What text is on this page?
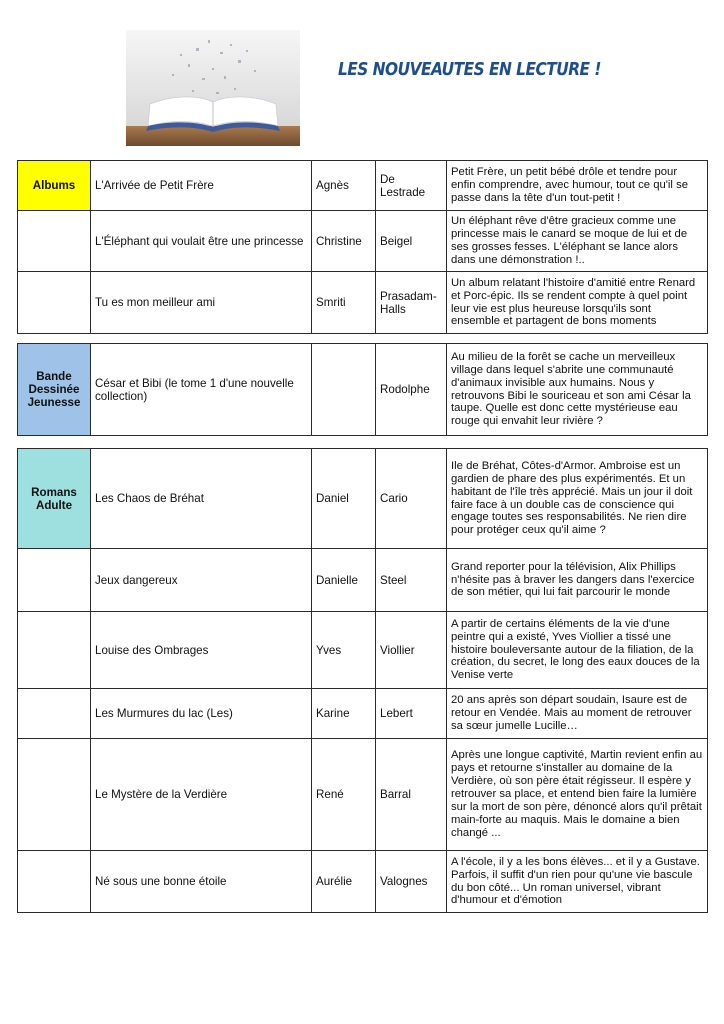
LES NOUVEAUTES EN LECTURE !
Albums	L'Arrivée de Petit Frère	Agnès	De Lestrade	Petit Frère, un petit bébé drôle et tendre pour enfin comprendre, avec humour, tout ce qu'il se passe dans la tête d'un tout-petit !
	L'Éléphant qui voulait être une princesse	Christine	Beigel	Un éléphant rêve d'être gracieux comme une princesse mais le canard se moque de lui et de ses grosses fesses. L'éléphant se lance alors dans une démonstration !..
	Tu es mon meilleur ami	Smriti	Prasadam-Halls	Un album relatant l'histoire d'amitié entre Renard et Porc-épic. Ils se rendent compte à quel point leur vie est plus heureuse lorsqu'ils sont ensemble et partagent de bons moments
Bande Dessinée Jeunesse	César et Bibi (le tome 1 d'une nouvelle collection)		Rodolphe	Au milieu de la forêt se cache un merveilleux village dans lequel s'abrite une communauté d'animaux invisible aux humains. Nous y retrouvons Bibi le souriceau et son ami César la taupe. Quelle est donc cette mystérieuse eau rouge qui envahit leur rivière ?
Romans Adulte	Les Chaos de Bréhat	Daniel	Cario	Ile de Bréhat, Côtes-d'Armor. Ambroise est un gardien de phare des plus expérimentés. Et un habitant de l'île très apprécié. Mais un jour il doit faire face à un double cas de conscience qui engage toutes ses responsabilités. Ne rien dire pour protéger ceux qu'il aime ?
	Jeux dangereux	Danielle	Steel	Grand reporter pour la télévision, Alix Phillips n'hésite pas à braver les dangers dans l'exercice de son métier, qui lui fait parcourir le monde
	Louise des Ombrages	Yves	Viollier	A partir de certains éléments de la vie d'une peintre qui a existé, Yves Viollier a tissé une histoire bouleversante autour de la filiation, de la création, du secret, le long des eaux douces de la Venise verte
	Les Murmures du lac (Les)	Karine	Lebert	20 ans après son départ soudain, Isaure est de retour en Vendée. Mais au moment de retrouver sa sœur jumelle Lucille…
	Le Mystère de la Verdière	René	Barral	Après une longue captivité, Martin revient enfin au pays et retourne s'installer au domaine de la Verdière, où son père était régisseur. Il espère y retrouver sa place, et entend bien faire la lumière sur la mort de son père, dénoncé alors qu'il prêtait main-forte au maquis. Mais le domaine a bien changé ...
	Né sous une bonne étoile	Aurélie	Valognes	A l'école, il y a les bons élèves... et il y a Gustave. Parfois, il suffit d'un rien pour qu'une vie bascule du bon côté... Un roman universel, vibrant d'humour et d'émotion
